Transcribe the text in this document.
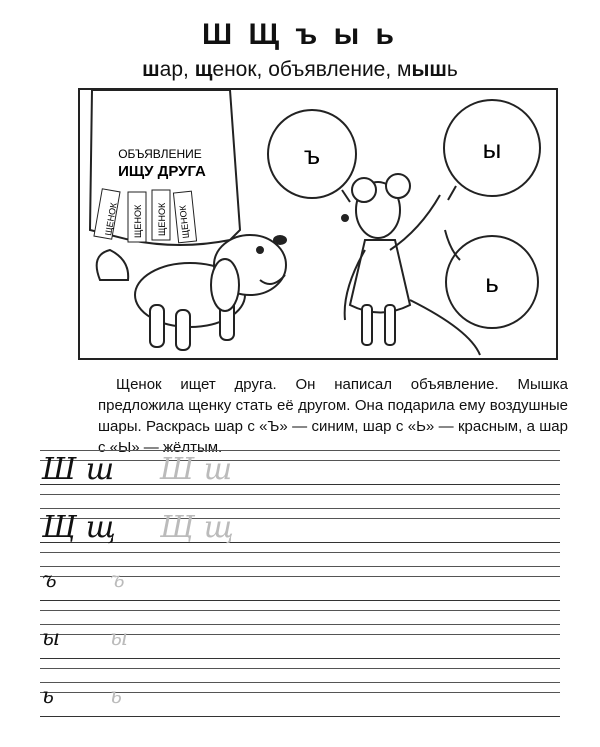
Ш Щ ъ ы ь
шар, щенок, объявление, мышь
ОБЪЯВЛЕНИЕ
ИЩУ ДРУГА
ЩЕНОК ЩЕНОК ЩЕНОК ЩЕНОК
ъ	ы
ь
Щенок ищет друга. Он написал объявление. Мышка предложила щенку стать её другом. Она подарила ему воздушные шары. Раскрась шар с «Ъ» — синим, шар с «Ь» — красным, а шар с «Ы» — жёлтым.
Ш ш Ш ш
Щ щ Щ щ
ъ ъ
ы ы
ь	ь
